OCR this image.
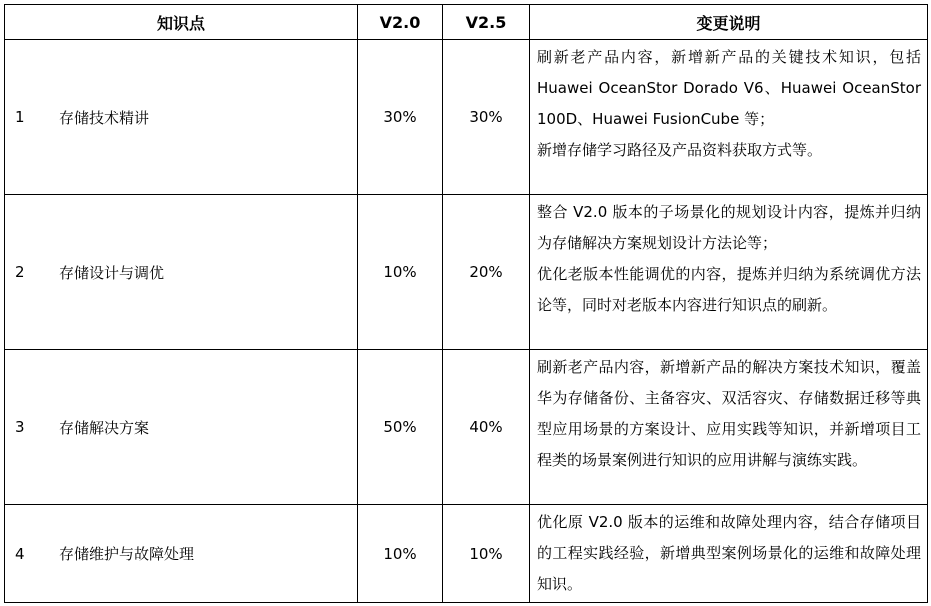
知识点	V2.0	V2.5	变更说明

1 存储技术精讲	30%	30%	刷新老产品内容，新增新产品的关键技术知识，包括 Huawei OceanStor Dorado V6、Huawei OceanStor 100D、Huawei FusionCube 等；
新增存储学习路径及产品资料获取方式等。

2 存储设计与调优	10%	20%	整合 V2.0 版本的子场景化的规划设计内容，提炼并归纳为存储解决方案规划设计方法论等；
优化老版本性能调优的内容，提炼并归纳为系统调优方法论等，同时对老版本内容进行知识点的刷新。

3 存储解决方案	50%	40%	刷新老产品内容，新增新产品的解决方案技术知识，覆盖华为存储备份、主备容灾、双活容灾、存储数据迁移等典型应用场景的方案设计、应用实践等知识，并新增项目工程类的场景案例进行知识的应用讲解与演练实践。

4 存储维护与故障处理	10%	10%	优化原 V2.0 版本的运维和故障处理内容，结合存储项目的工程实践经验，新增典型案例场景化的运维和故障处理知识。
